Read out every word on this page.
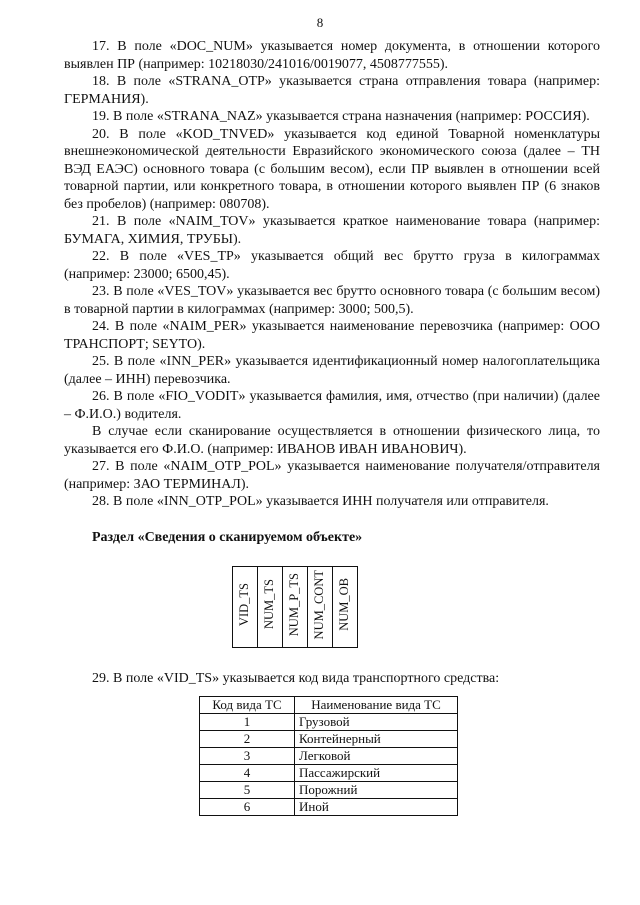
8

17. В поле «DOC_NUM» указывается номер документа, в отношении которого выявлен ПР (например: 10218030/241016/0019077, 4508777555).

18. В поле «STRANA_OTP» указывается страна отправления товара (например: ГЕРМАНИЯ).

19. В поле «STRANA_NAZ» указывается страна назначения (например: РОССИЯ).

20. В поле «KOD_TNVED» указывается код единой Товарной номенклатуры внешнеэкономической деятельности Евразийского экономического союза (далее – ТН ВЭД ЕАЭС) основного товара (с большим весом), если ПР выявлен в отношении всей товарной партии, или конкретного товара, в отношении которого выявлен ПР (6 знаков без пробелов) (например: 080708).

21. В поле «NAIM_TOV» указывается краткое наименование товара (например: БУМАГА, ХИМИЯ, ТРУБЫ).

22. В поле «VES_TP» указывается общий вес брутто груза в килограммах (например: 23000; 6500,45).

23. В поле «VES_TOV» указывается вес брутто основного товара (с большим весом) в товарной партии в килограммах (например: 3000; 500,5).

24. В поле «NAIM_PER» указывается наименование перевозчика (например: ООО ТРАНСПОРТ; SEYTO).

25. В поле «INN_PER» указывается идентификационный номер налогоплательщика (далее – ИНН) перевозчика.

26. В поле «FIO_VODIT» указывается фамилия, имя, отчество (при наличии) (далее – Ф.И.О.) водителя.

В случае если сканирование осуществляется в отношении физического лица, то указывается его Ф.И.О. (например: ИВАНОВ ИВАН ИВАНОВИЧ).

27. В поле «NAIM_OTP_POL» указывается наименование получателя/отправителя (например: ЗАО ТЕРМИНАЛ).

28. В поле «INN_OTP_POL» указывается ИНН получателя или отправителя.

Раздел «Сведения о сканируемом объекте»
VID_TS	NUM_TS	NUM_P_TS	NUM_CONT	NUM_OB

29. В поле «VID_TS» указывается код вида транспортного средства:

Код вида ТС	Наименование вида ТС
1	Грузовой
2	Контейнерный
3	Легковой
4	Пассажирский
5	Порожний
6	Иной
